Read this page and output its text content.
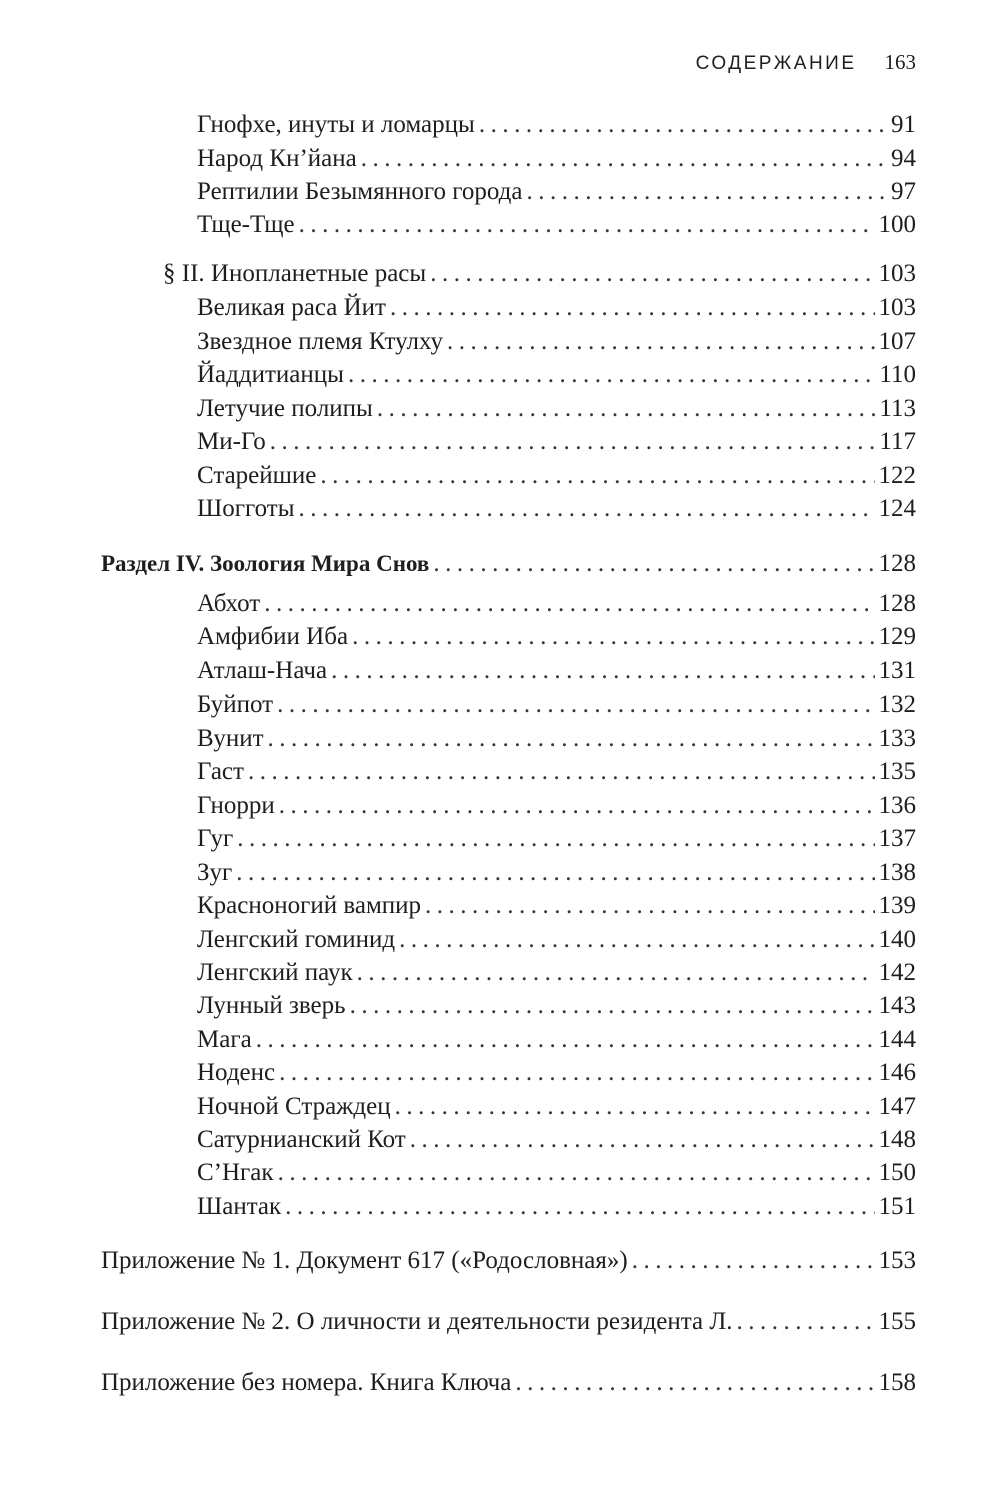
СОДЕРЖАНИЕ 163
Гнофхе, инуты и ломарцы .....	91
Народ Кн’йана .....	94
Рептилии Безымянного города .....	97
Тще-Тще .....	100
§ II. Инопланетные расы .....	103
Великая раса Йит .....	103
Звездное племя Ктулху .....	107
Йаддитианцы .....	110
Летучие полипы .....	113
Ми-Го .....	117
Старейшие .....	122
Шогготы .....	124
Раздел IV. Зоология Мира Снов .....	128
Абхот .....	128
Амфибии Иба .....	129
Атлаш-Нача .....	131
Буйпот .....	132
Вунит .....	133
Гаст .....	135
Гнорри .....	136
Гуг .....	137
Зуг .....	138
Красноногий вампир .....	139
Ленгский гоминид .....	140
Ленгский паук .....	142
Лунный зверь .....	143
Мага .....	144
Ноденс .....	146
Ночной Страждец .....	147
Сатурнианский Кот .....	148
С’Нгак .....	150
Шантак .....	151
Приложение № 1. Документ 617 («Родословная») .....	153
Приложение № 2. О личности и деятельности резидента Л. .....	155
Приложение без номера. Книга Ключа .....	158
